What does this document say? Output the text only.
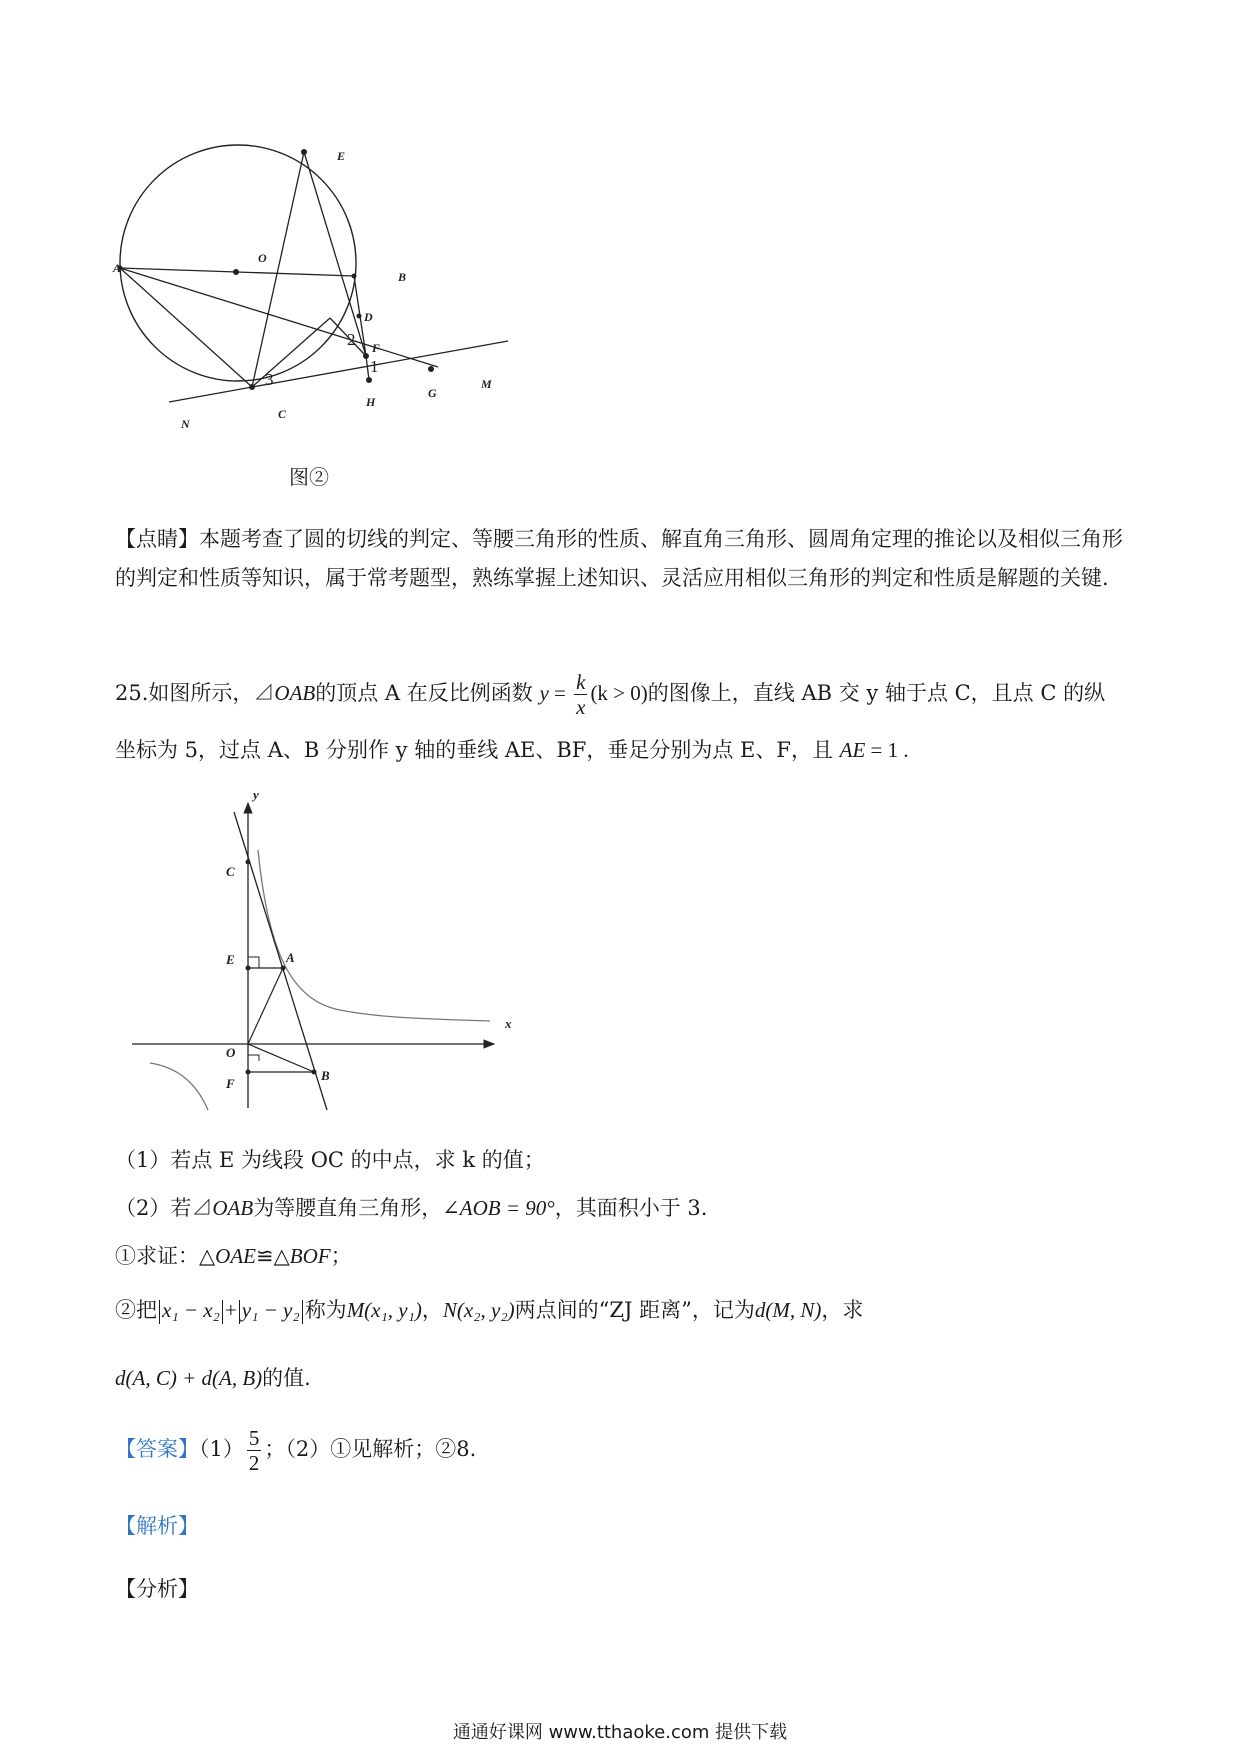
E
O
A
B
D
F
C
H
G
M
N
1
2
3
图②
【点睛】本题考查了圆的切线的判定、等腰三角形的性质、解直角三角形、圆周角定理的推论以及相似三角形的判定和性质等知识，属于常考题型，熟练掌握上述知识、灵活应用相似三角形的判定和性质是解题的关键.
25.如图所示，⊿OAB的顶点 A 在反比例函数 $y = \frac{k}{x} (k > 0)$的图像上，直线 AB 交 y 轴于点 C，且点 C 的纵
坐标为 5，过点 A、B 分别作 y 轴的垂线 AE、BF，垂足分别为点 E、F，且 AE = 1 .
y
x
C
E	A
O
F
B
（1）若点 E 为线段 OC 的中点，求 k 的值；
（2）若⊿OAB为等腰直角三角形，∠AOB = 90°，其面积小于 3.
①求证：△OAE≌△BOF；
②把 x₁ − x₂ + y₁ − y₂ 称为M(x₁, y₁)，N(x₂, y₂)两点间的“ZJ 距离”，记为d(M, N)，求
d(A, C) + d(A, B)的值.
【答案】$(1) \frac{5}{2}$ ；（2）①见解析；②8.
【解析】
【分析】
通通好课网 www.tthaoke.com 提供下载
